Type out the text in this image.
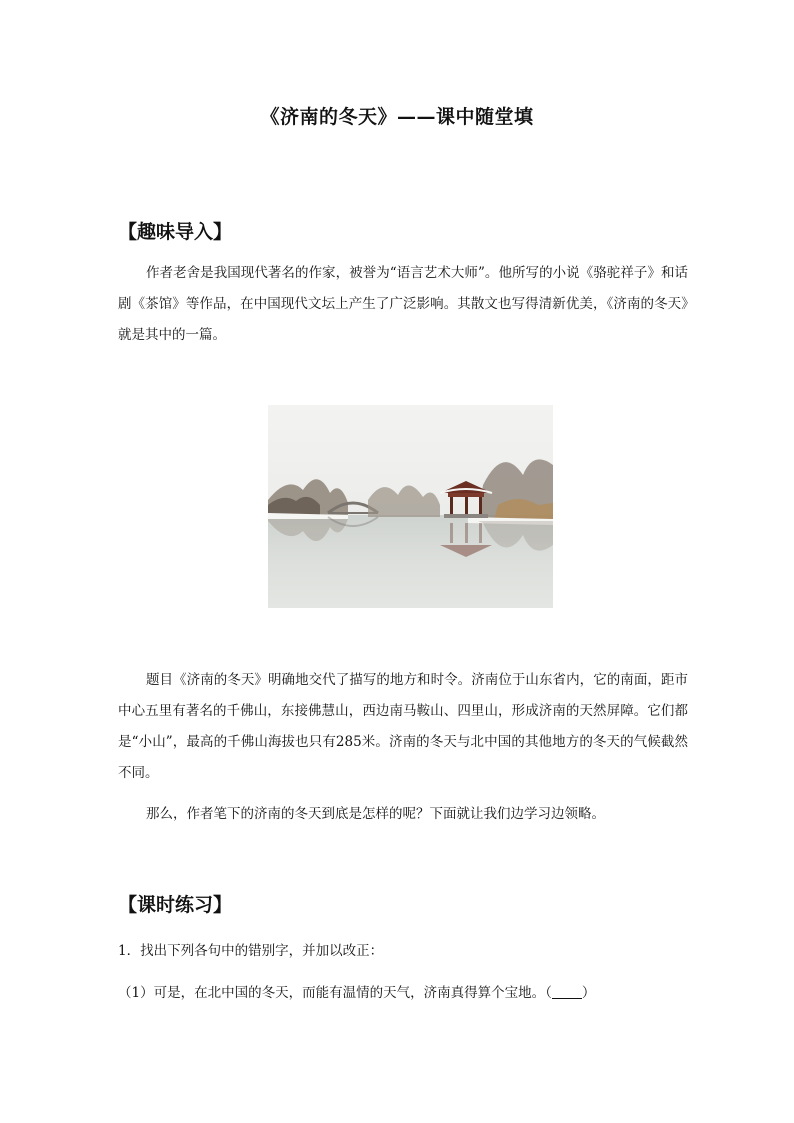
《济南的冬天》——课中随堂填
【趣味导入】
作者老舍是我国现代著名的作家，被誉为“语言艺术大师”。他所写的小说《骆驼祥子》和话剧《茶馆》等作品，在中国现代文坛上产生了广泛影响。其散文也写得清新优美，《济南的冬天》就是其中的一篇。
题目《济南的冬天》明确地交代了描写的地方和时令。济南位于山东省内，它的南面，距市中心五里有著名的千佛山，东接佛慧山，西边南马鞍山、四里山，形成济南的天然屏障。它们都是“小山”，最高的千佛山海拔也只有285米。济南的冬天与北中国的其他地方的冬天的气候截然不同。
那么，作者笔下的济南的冬天到底是怎样的呢？下面就让我们边学习边领略。
【课时练习】
1．找出下列各句中的错别字，并加以改正：
（1）可是，在北中国的冬天，而能有温情的天气，济南真得算个宝地。（ ）
